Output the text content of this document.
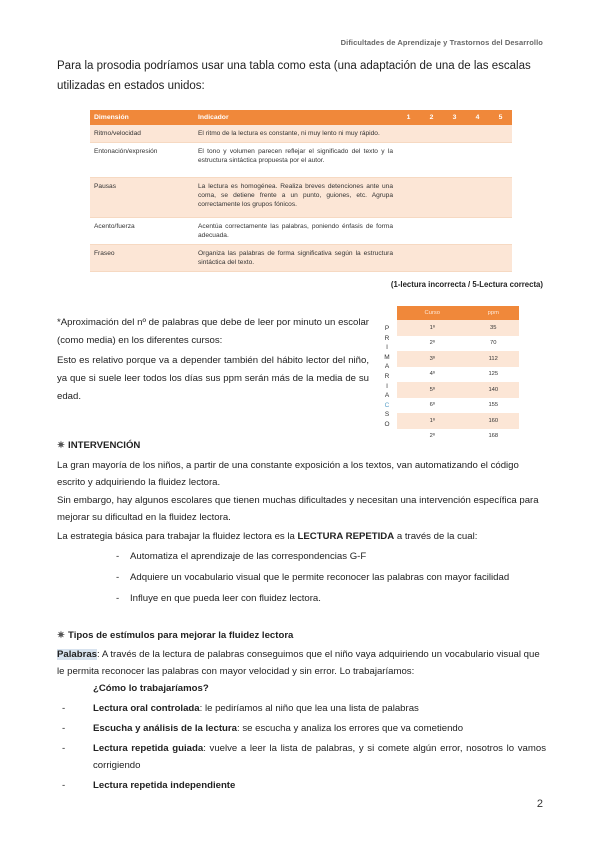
Dificultades de Aprendizaje y Trastornos del Desarrollo
Para la prosodia podríamos usar una tabla como esta (una adaptación de una de las escalas utilizadas en estados unidos:
Dimensión	Indicador	1	2	3	4	5
Ritmo/velocidad	El ritmo de la lectura es constante, ni muy lento ni muy rápido.					
Entonación/expresión	El tono y volumen parecen reflejar el significado del texto y la estructura sintáctica propuesta por el autor.					
Pausas	La lectura es homogénea. Realiza breves detenciones ante una coma, se detiene frente a un punto, guiones, etc. Agrupa correctamente los grupos fónicos.					
Acento/fuerza	Acentúa correctamente las palabras, poniendo énfasis de forma adecuada.					
Fraseo	Organiza las palabras de forma significativa según la estructura sintáctica del texto.					
(1-lectura incorrecta / 5-Lectura correcta)

*Aproximación del nº de palabras que debe de leer por minuto un escolar (como media) en los diferentes cursos:

Esto es relativo porque va a depender también del hábito lector del niño, ya que si suele leer todos los días sus ppm serán más de la media de su edad.

P
R
I
M
A
R
I
A
C
S
O
Curso	ppm
1º	35
2º	70
3º	112
4º	125
5º	140
6º	155
1º	160
2º	168
✷ INTERVENCIÓN
La gran mayoría de los niños, a partir de una constante exposición a los textos, van automatizando el código escrito y adquiriendo la fluidez lectora.
Sin embargo, hay algunos escolares que tienen muchas dificultades y necesitan una intervención específica para mejorar su dificultad en la fluidez lectora.
La estrategia básica para trabajar la fluidez lectora es la LECTURA REPETIDA a través de la cual:
-	Automatiza el aprendizaje de las correspondencias G-F
-	Adquiere un vocabulario visual que le permite reconocer las palabras con mayor facilidad
-	Influye en que pueda leer con fluidez lectora.
✷ Tipos de estímulos para mejorar la fluidez lectora
Palabras: A través de la lectura de palabras conseguimos que el niño vaya adquiriendo un vocabulario visual que le permita reconocer las palabras con mayor velocidad y sin error. Lo trabajaríamos:
¿Cómo lo trabajaríamos?
-	Lectura oral controlada: le pediríamos al niño que lea una lista de palabras
-	Escucha y análisis de la lectura: se escucha y analiza los errores que va cometiendo
-	Lectura repetida guiada: vuelve a leer la lista de palabras, y si comete algún error, nosotros lo vamos corrigiendo
-	Lectura repetida independiente
2
